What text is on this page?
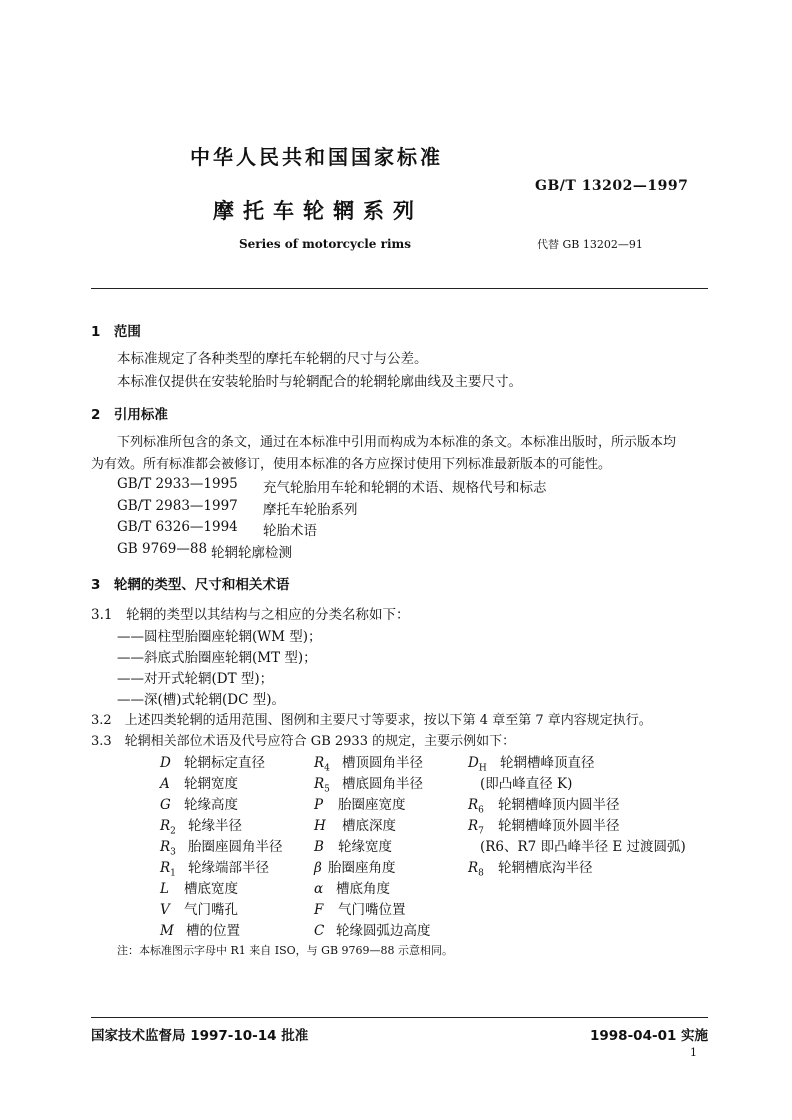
中华人民共和国国家标准
摩托车轮辋系列
Series of motorcycle rims
GB/T 13202—1997
代替 GB 13202—91
1　范围
本标准规定了各种类型的摩托车轮辋的尺寸与公差。
本标准仅提供在安装轮胎时与轮辋配合的轮辋轮廓曲线及主要尺寸。
2　引用标准
下列标准所包含的条文，通过在本标准中引用而构成为本标准的条文。本标准出版时，所示版本均
为有效。所有标准都会被修订，使用本标准的各方应探讨使用下列标准最新版本的可能性。
GB/T 2933—1995 充气轮胎用车轮和轮辋的术语、规格代号和标志
GB/T 2983—1997 摩托车轮胎系列
GB/T 6326—1994 轮胎术语
GB 9769—88 轮辋轮廓检测
3　轮辋的类型、尺寸和相关术语
3.1　轮辋的类型以其结构与之相应的分类名称如下：
——圆柱型胎圈座轮辋(WM 型)；
——斜底式胎圈座轮辋(MT 型)；
——对开式轮辋(DT 型)；
——深(槽)式轮辋(DC 型)。
3.2　上述四类轮辋的适用范围、图例和主要尺寸等要求，按以下第 4 章至第 7 章内容规定执行。
3.3　轮辋相关部位术语及代号应符合 GB 2933 的规定，主要示例如下：
D 轮辋标定直径
A 轮辋宽度
G 轮缘高度
$R_2$ 轮缘半径
$R_3$ 胎圈座圆角半径
$R_1$ 轮缘端部半径
L 槽底宽度
V 气门嘴孔
M 槽的位置
$R_4$ 槽顶圆角半径
$R_5$ 槽底圆角半径
P 胎圈座宽度
H 槽底深度
B 轮缘宽度
β 胎圈座角度
α 槽底角度
F 气门嘴位置
C 轮缘圆弧边高度
$D_H$ 轮辋槽峰顶直径
(即凸峰直径 K)
$R_6$ 轮辋槽峰顶内圆半径
$R_7$ 轮辋槽峰顶外圆半径
(R6、R7 即凸峰半径 E 过渡圆弧)
$R_8$ 轮辋槽底沟半径
注：本标准图示字母中 R1 来自 ISO，与 GB 9769—88 示意相同。
国家技术监督局 1997-10-14 批准	1998-04-01 实施
1
